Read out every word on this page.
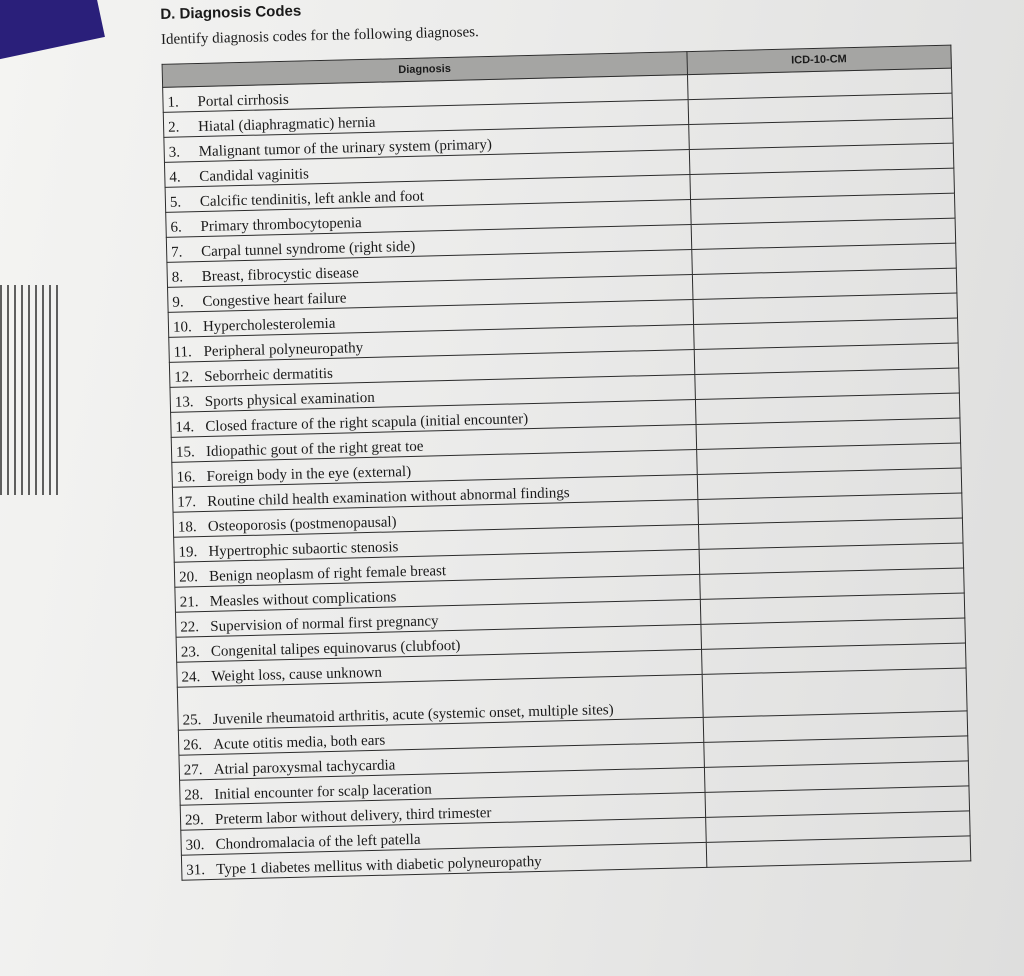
D. Diagnosis Codes
Identify diagnosis codes for the following diagnoses.
Diagnosis	ICD-10-CM
1. Portal cirrhosis	
2. Hiatal (diaphragmatic) hernia	
3. Malignant tumor of the urinary system (primary)	
4. Candidal vaginitis	
5. Calcific tendinitis, left ankle and foot	
6. Primary thrombocytopenia	
7. Carpal tunnel syndrome (right side)	
8. Breast, fibrocystic disease	
9. Congestive heart failure	
10. Hypercholesterolemia	
11. Peripheral polyneuropathy	
12. Seborrheic dermatitis	
13. Sports physical examination	
14. Closed fracture of the right scapula (initial encounter)	
15. Idiopathic gout of the right great toe	
16. Foreign body in the eye (external)	
17. Routine child health examination without abnormal findings	
18. Osteoporosis (postmenopausal)	
19. Hypertrophic subaortic stenosis	
20. Benign neoplasm of right female breast	
21. Measles without complications	
22. Supervision of normal first pregnancy	
23. Congenital talipes equinovarus (clubfoot)	
24. Weight loss, cause unknown	
25. Juvenile rheumatoid arthritis, acute (systemic onset, multiple sites)	
26. Acute otitis media, both ears	
27. Atrial paroxysmal tachycardia	
28. Initial encounter for scalp laceration	
29. Preterm labor without delivery, third trimester	
30. Chondromalacia of the left patella	
31. Type 1 diabetes mellitus with diabetic polyneuropathy	
